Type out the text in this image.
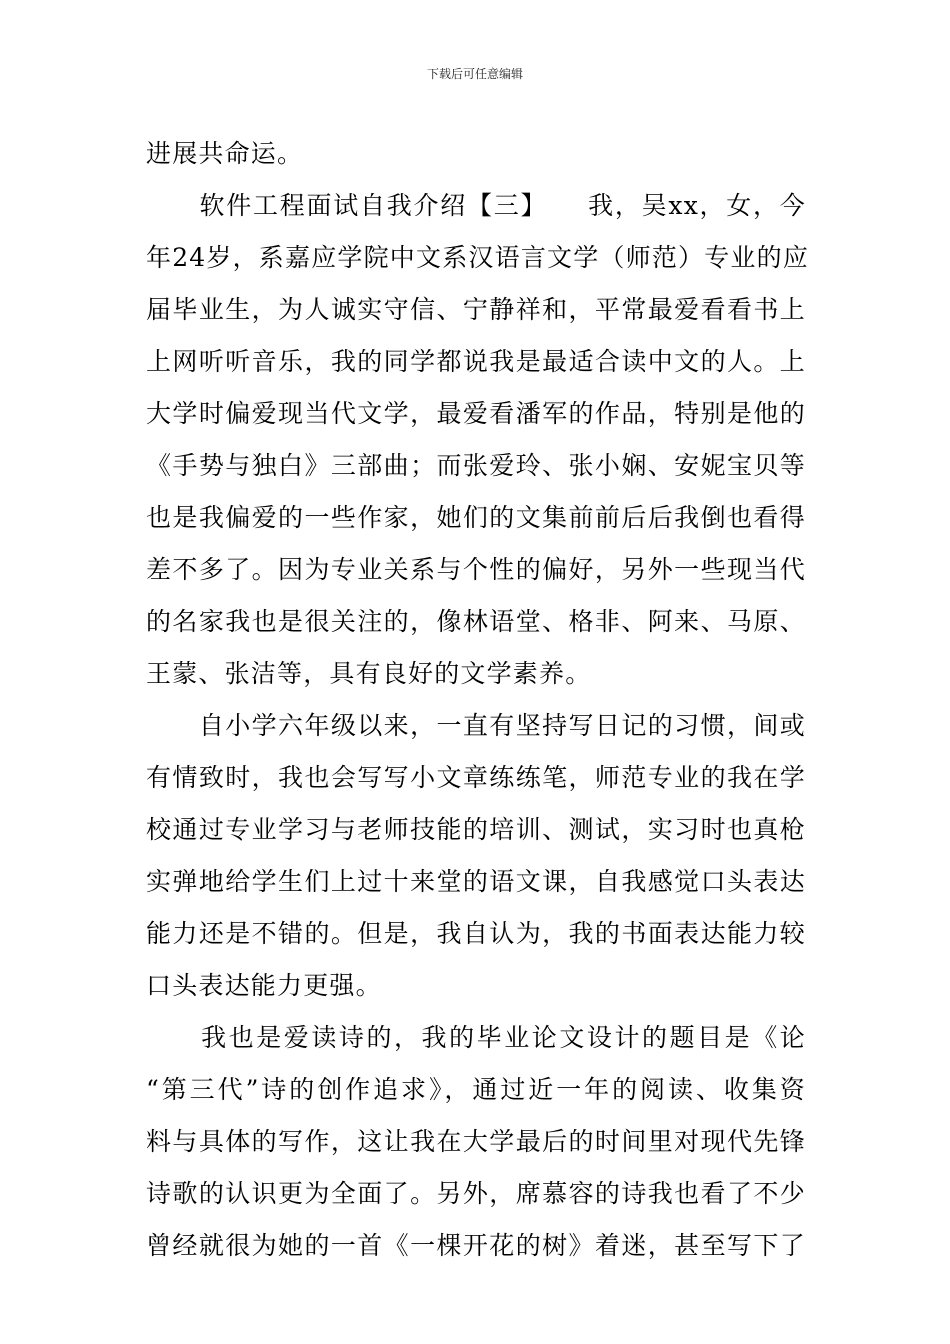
下载后可任意编辑
进展共命运。
　　软件工程面试自我介绍【三】　　我，吴xx，女，今
年24岁，系嘉应学院中文系汉语言文学（师范）专业的应
届毕业生，为人诚实守信、宁静祥和，平常最爱看看书上
上网听听音乐，我的同学都说我是最适合读中文的人。上
大学时偏爱现当代文学，最爱看潘军的作品，特别是他的
《手势与独白》三部曲；而张爱玲、张小娴、安妮宝贝等
也是我偏爱的一些作家，她们的文集前前后后我倒也看得
差不多了。因为专业关系与个性的偏好，另外一些现当代
的名家我也是很关注的，像林语堂、格非、阿来、马原、
王蒙、张洁等，具有良好的文学素养。
　　自小学六年级以来，一直有坚持写日记的习惯，间或
有情致时，我也会写写小文章练练笔，师范专业的我在学
校通过专业学习与老师技能的培训、测试，实习时也真枪
实弹地给学生们上过十来堂的语文课，自我感觉口头表达
能力还是不错的。但是，我自认为，我的书面表达能力较
口头表达能力更强。
　　我也是爱读诗的，我的毕业论文设计的题目是《论
“第三代”诗的创作追求》，通过近一年的阅读、收集资
料与具体的写作，这让我在大学最后的时间里对现代先锋
诗歌的认识更为全面了。另外，席慕容的诗我也看了不少
曾经就很为她的一首《一棵开花的树》着迷，甚至写下了
